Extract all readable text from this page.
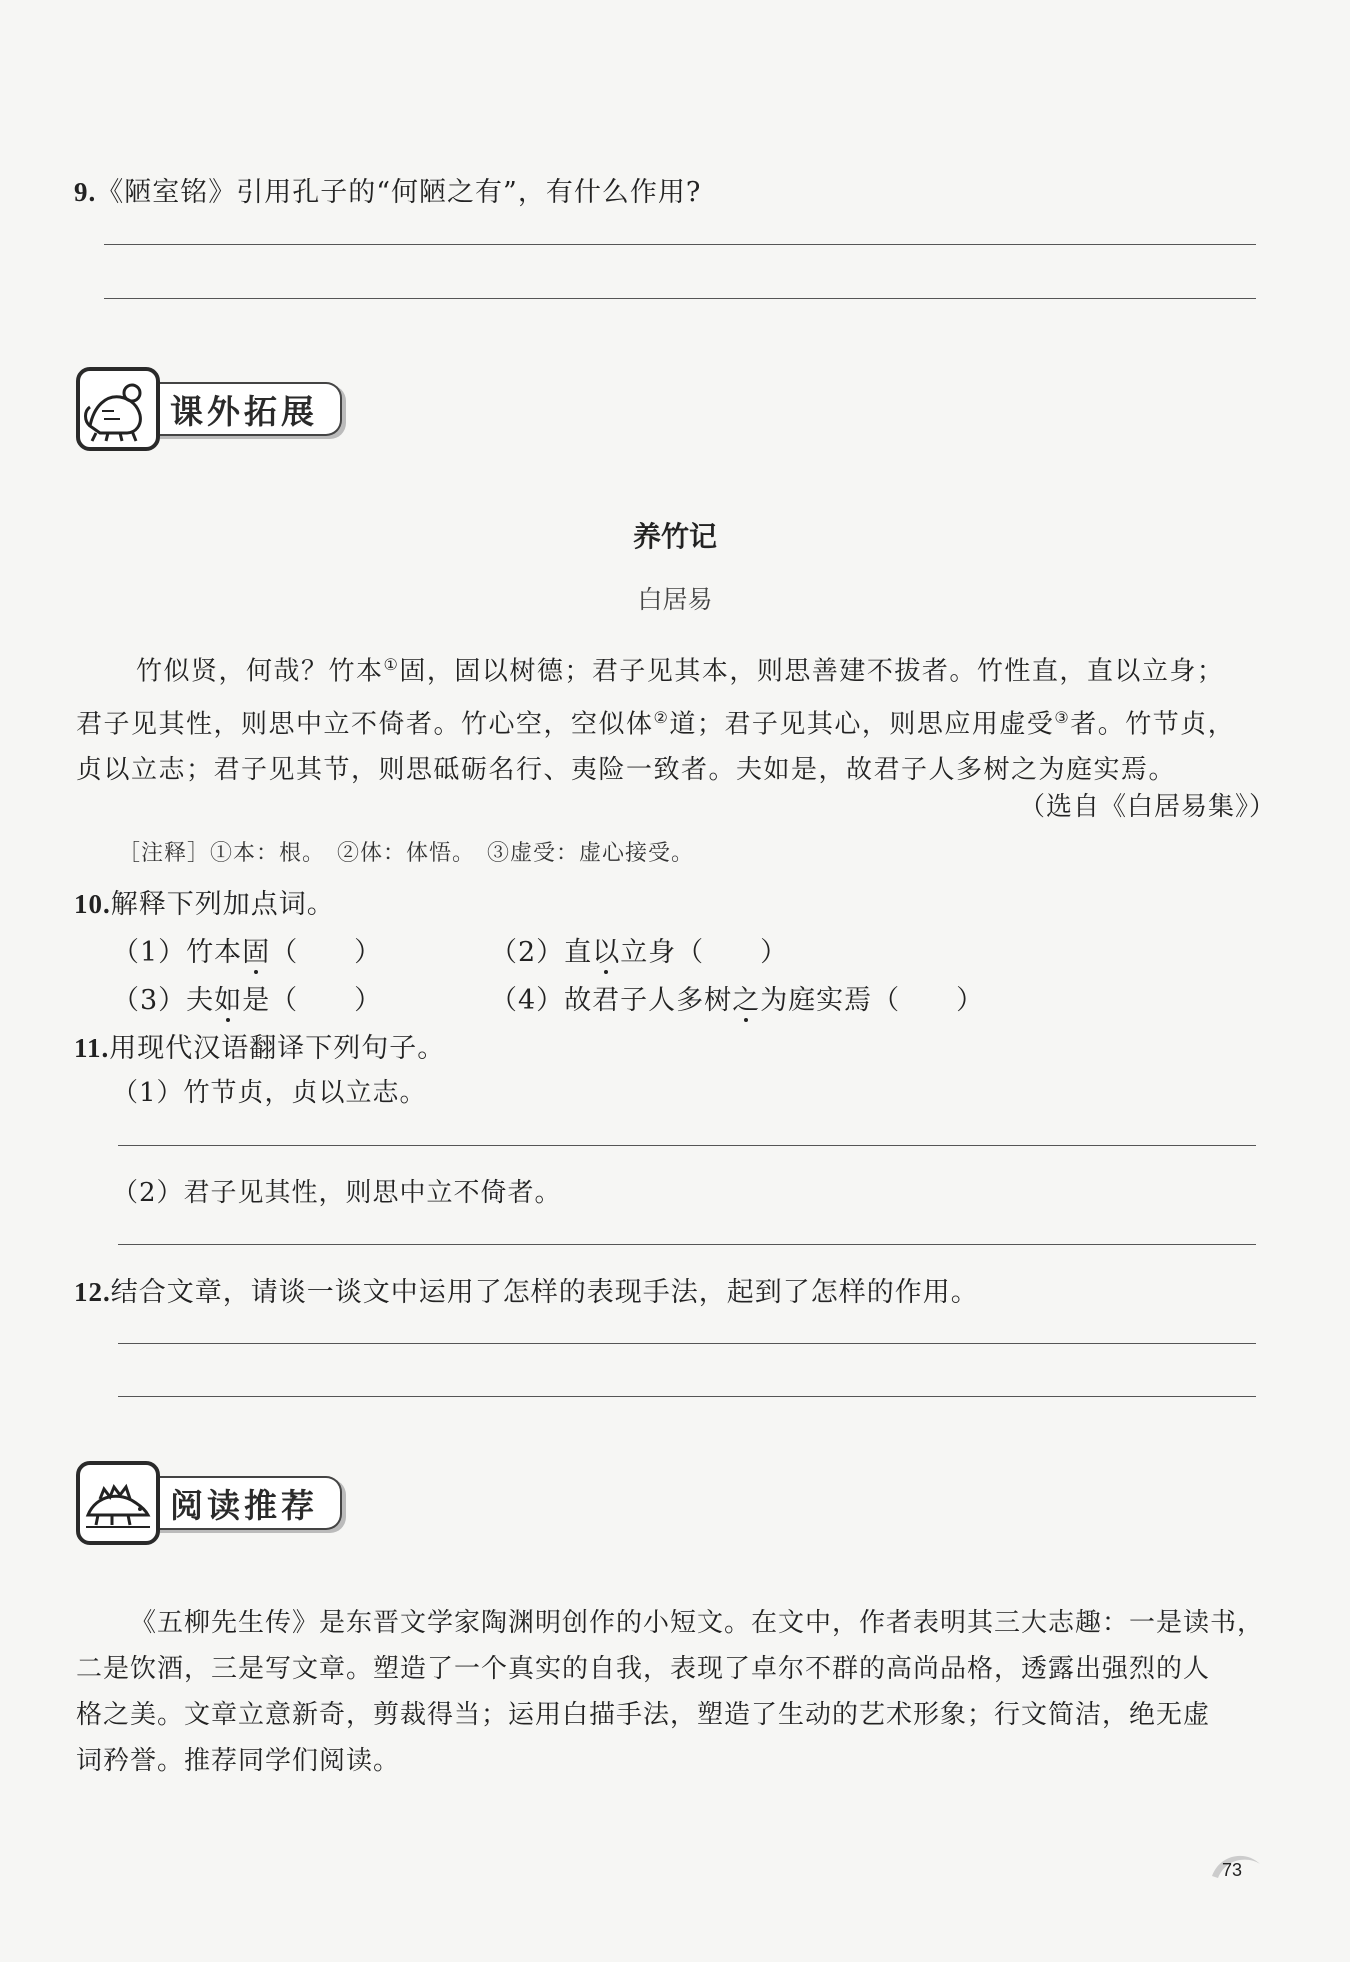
9.《陋室铭》引用孔子的“何陋之有”，有什么作用?
课外拓展
养竹记
白居易
竹似贤，何哉？竹本①固，固以树德；君子见其本，则思善建不拔者。竹性直，直以立身；
君子见其性，则思中立不倚者。竹心空，空似体②道；君子见其心，则思应用虚受③者。竹节贞，
贞以立志；君子见其节，则思砥砺名行、夷险一致者。夫如是，故君子人多树之为庭实焉。
（选自《白居易集》）
［注释］①本：根。　②体：体悟。　③虚受：虚心接受。
10.解释下列加点词。
（1）竹本固（　　）	（2）直以立身（　　）
（3）夫如是（　　）	（4）故君子人多树之为庭实焉（　　）
11.用现代汉语翻译下列句子。
（1）竹节贞，贞以立志。
（2）君子见其性，则思中立不倚者。
12.结合文章，请谈一谈文中运用了怎样的表现手法，起到了怎样的作用。
阅读推荐
《五柳先生传》是东晋文学家陶渊明创作的小短文。在文中，作者表明其三大志趣：一是读书，
二是饮酒，三是写文章。塑造了一个真实的自我，表现了卓尔不群的高尚品格，透露出强烈的人
格之美。文章立意新奇，剪裁得当；运用白描手法，塑造了生动的艺术形象；行文简洁，绝无虚
词矜誉。推荐同学们阅读。
73
